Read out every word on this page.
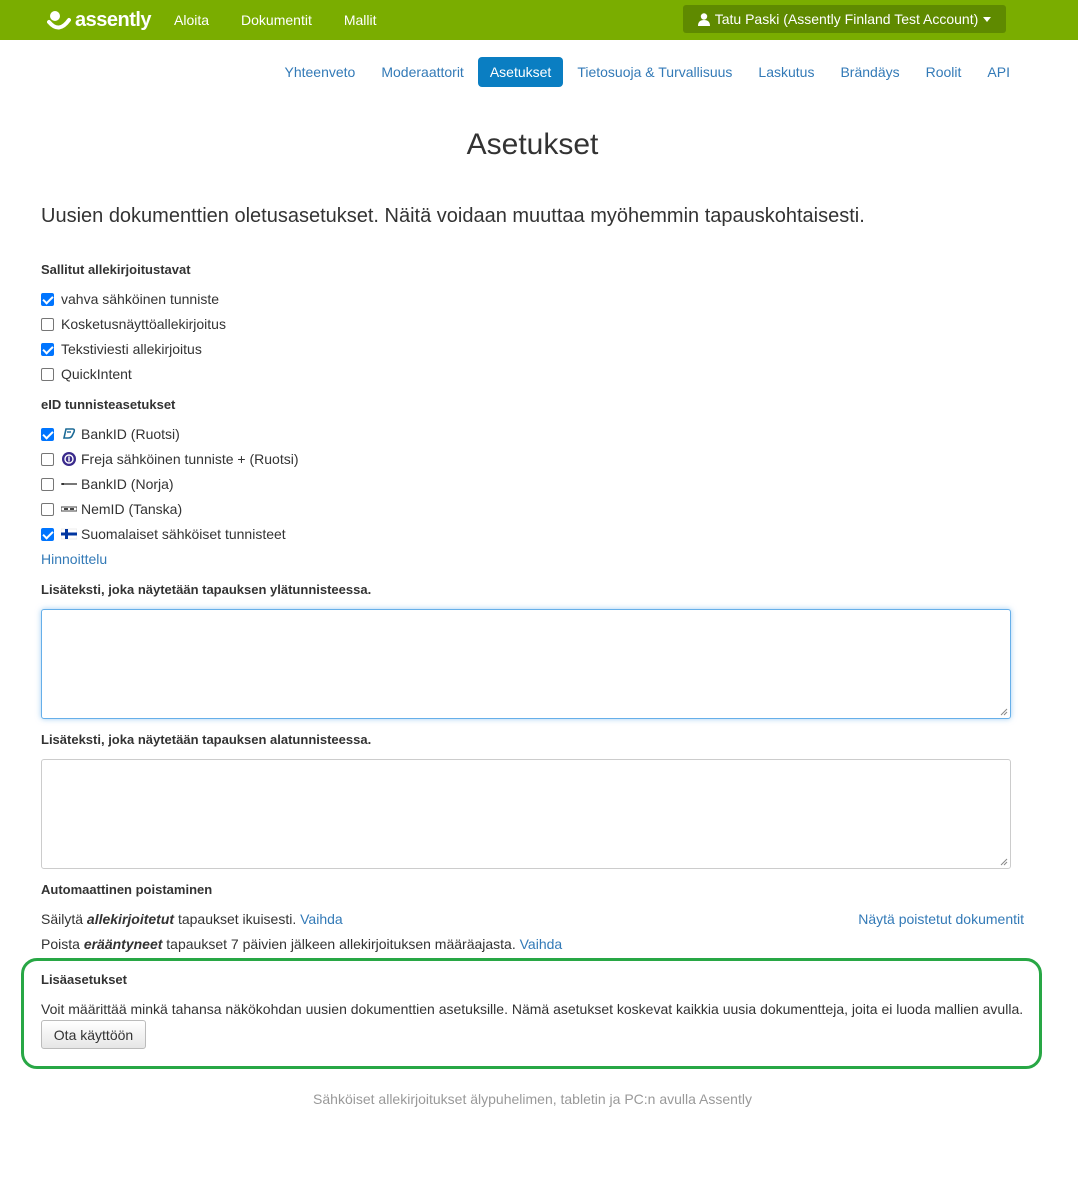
assently	Aloita	Dokumentit	Mallit	Tatu Paski (Assently Finland Test Account)
Yhteenveto	Moderaattorit	Asetukset	Tietosuoja & Turvallisuus	Laskutus	Brändäys	Roolit	API
Asetukset

Uusien dokumenttien oletusasetukset. Näitä voidaan muuttaa myöhemmin tapauskohtaisesti.

Sallitut allekirjoitustavat
vahva sähköinen tunniste
Kosketusnäyttöallekirjoitus
Tekstiviesti allekirjoitus
QuickIntent
eID tunnisteasetukset
BankID (Ruotsi)
Freja sähköinen tunniste + (Ruotsi)
BankID (Norja)
NemID (Tanska)
Suomalaiset sähköiset tunnisteet
Hinnoittelu
Lisäteksti, joka näytetään tapauksen ylätunnisteessa.
Lisäteksti, joka näytetään tapauksen alatunnisteessa.
Automaattinen poistaminen
Säilytä allekirjoitetut tapaukset ikuisesti. Vaihda	Näytä poistetut dokumentit
Poista erääntyneet tapaukset 7 päivien jälkeen allekirjoituksen määräajasta. Vaihda
Lisäasetukset
Voit määrittää minkä tahansa näkökohdan uusien dokumenttien asetuksille. Nämä asetukset koskevat kaikkia uusia dokumentteja, joita ei luoda mallien avulla.
Ota käyttöön
Sähköiset allekirjoitukset älypuhelimen, tabletin ja PC:n avulla Assently
